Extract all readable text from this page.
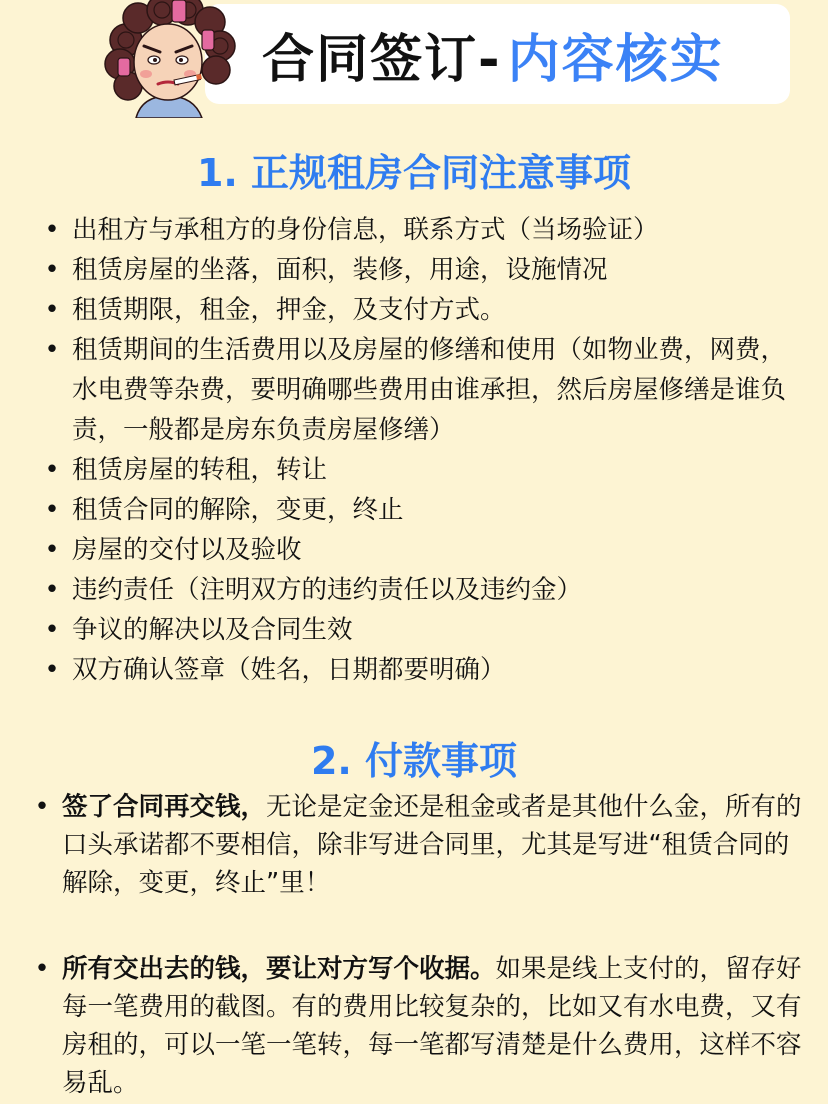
合同签订- 内容核实
1. 正规租房合同注意事项
• 出租方与承租方的身份信息，联系方式（当场验证）
• 租赁房屋的坐落，面积，装修，用途，设施情况
• 租赁期限，租金，押金，及支付方式。
• 租赁期间的生活费用以及房屋的修缮和使用（如物业费，网费，水电费等杂费，要明确哪些费用由谁承担，然后房屋修缮是谁负责，一般都是房东负责房屋修缮）
• 租赁房屋的转租，转让
• 租赁合同的解除，变更，终止
• 房屋的交付以及验收
• 违约责任（注明双方的违约责任以及违约金）
• 争议的解决以及合同生效
• 双方确认签章（姓名，日期都要明确）
2. 付款事项
• 签了合同再交钱，无论是定金还是租金或者是其他什么金，所有的口头承诺都不要相信，除非写进合同里，尤其是写进“租赁合同的解除，变更，终止”里！
• 所有交出去的钱，要让对方写个收据。如果是线上支付的，留存好每一笔费用的截图。有的费用比较复杂的，比如又有水电费，又有房租的，可以一笔一笔转，每一笔都写清楚是什么费用，这样不容易乱。
